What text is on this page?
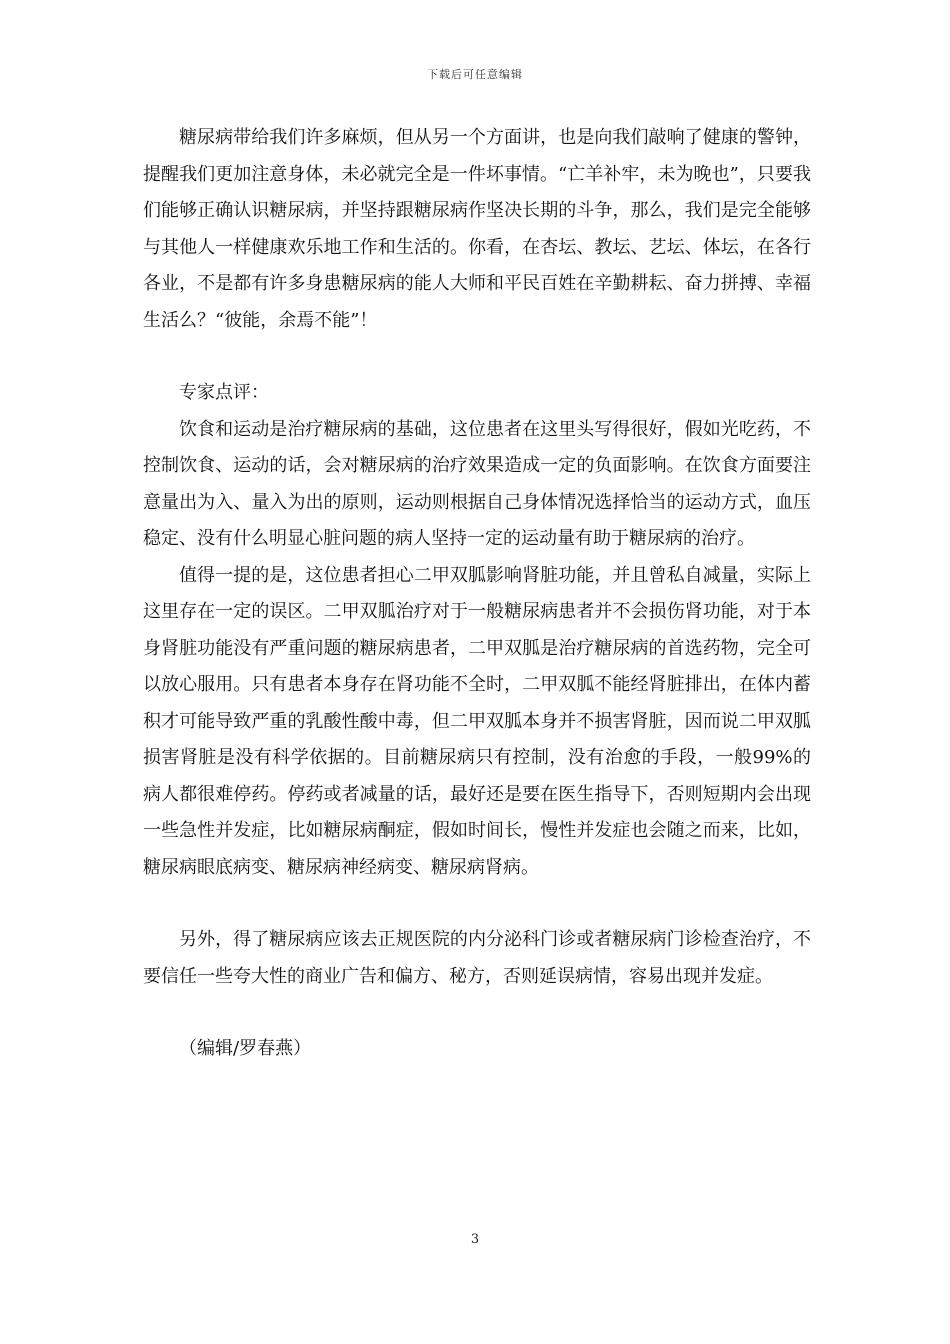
下载后可任意编辑

糖尿病带给我们许多麻烦，但从另一个方面讲，也是向我们敲响了健康的警钟，提醒我们更加注意身体，未必就完全是一件坏事情。“亡羊补牢，未为晚也”，只要我们能够正确认识糖尿病，并坚持跟糖尿病作坚决长期的斗争，那么，我们是完全能够与其他人一样健康欢乐地工作和生活的。你看，在杏坛、教坛、艺坛、体坛，在各行各业，不是都有许多身患糖尿病的能人大师和平民百姓在辛勤耕耘、奋力拼搏、幸福生活么？“彼能，余焉不能”！

专家点评：

饮食和运动是治疗糖尿病的基础，这位患者在这里头写得很好，假如光吃药，不控制饮食、运动的话，会对糖尿病的治疗效果造成一定的负面影响。在饮食方面要注意量出为入、量入为出的原则，运动则根据自己身体情况选择恰当的运动方式，血压稳定、没有什么明显心脏问题的病人坚持一定的运动量有助于糖尿病的治疗。

值得一提的是，这位患者担心二甲双胍影响肾脏功能，并且曾私自减量，实际上这里存在一定的误区。二甲双胍治疗对于一般糖尿病患者并不会损伤肾功能，对于本身肾脏功能没有严重问题的糖尿病患者，二甲双胍是治疗糖尿病的首选药物，完全可以放心服用。只有患者本身存在肾功能不全时，二甲双胍不能经肾脏排出，在体内蓄积才可能导致严重的乳酸性酸中毒，但二甲双胍本身并不损害肾脏，因而说二甲双胍损害肾脏是没有科学依据的。目前糖尿病只有控制，没有治愈的手段，一般99%的病人都很难停药。停药或者减量的话，最好还是要在医生指导下，否则短期内会出现一些急性并发症，比如糖尿病酮症，假如时间长，慢性并发症也会随之而来，比如，糖尿病眼底病变、糖尿病神经病变、糖尿病肾病。

另外，得了糖尿病应该去正规医院的内分泌科门诊或者糖尿病门诊检查治疗，不要信任一些夸大性的商业广告和偏方、秘方，否则延误病情，容易出现并发症。

（编辑/罗春燕）

3
